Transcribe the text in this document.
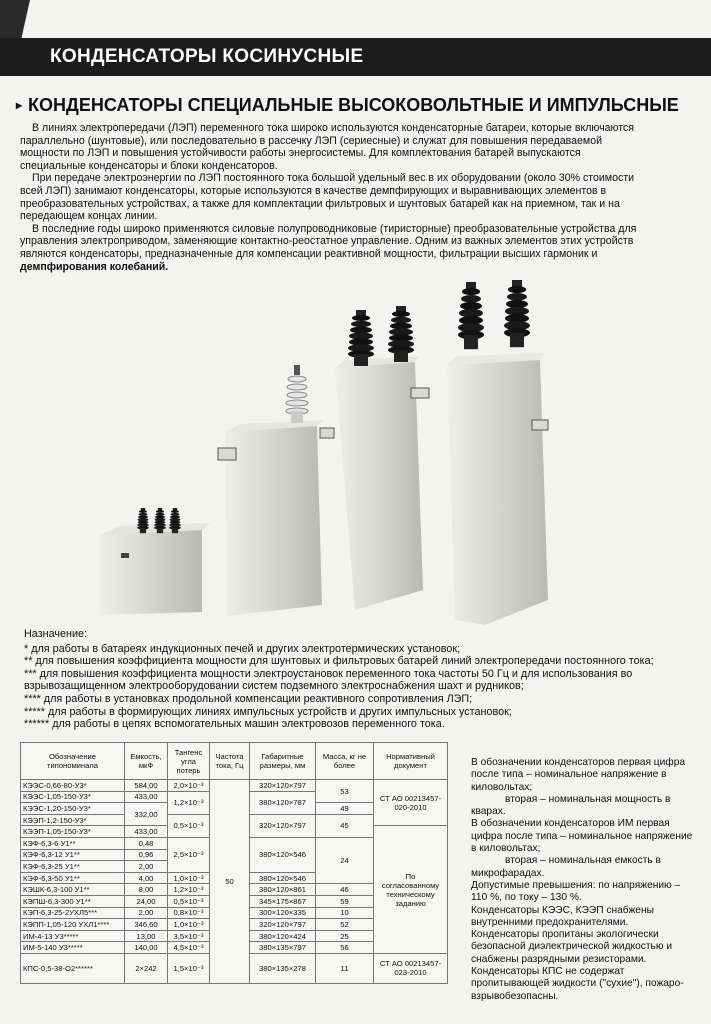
КОНДЕНСАТОРЫ КОСИНУСНЫЕ
▸ КОНДЕНСАТОРЫ СПЕЦИАЛЬНЫЕ ВЫСОКОВОЛЬТНЫЕ И ИМПУЛЬСНЫЕ

В линиях электропередачи (ЛЭП) переменного тока широко используются конденсаторные батареи, которые включаются
параллельно (шунтовые), или последовательно в рассечку ЛЭП (сериесные) и служат для повышения передаваемой
мощности по ЛЭП и повышения устойчивости работы энергосистемы. Для комплектования батарей выпускаются
специальные конденсаторы и блоки конденсаторов.

При передаче электроэнергии по ЛЭП постоянного тока большой удельный вес в их оборудовании (около 30% стоимости
всей ЛЭП) занимают конденсаторы, которые используются в качестве демпфирующих и выравнивающих элементов в
преобразовательных устройствах, а также для комплектации фильтровых и шунтовых батарей как на приемном, так и на
передающем концах линии.

В последние годы широко применяются силовые полупроводниковые (тиристорные) преобразовательные устройства для
управления электроприводом, заменяющие контактно-реостатное управление. Одним из важных элементов этих устройств
являются конденсаторы, предназначенные для компенсации реактивной мощности, фильтрации высших гармоник и
демпфирования колебаний.

Назначение:
* для работы в батареях индукционных печей и других электротермических установок;
** для повышения коэффициента мощности для шунтовых и фильтровых батарей линий электропередачи постоянного тока;
*** для повышения коэффициента мощности электроустановок переменного тока частоты 50 Гц и для использования во
взрывозащищенном электрооборудовании систем подземного электроснабжения шахт и рудников;
**** для работы в установках продольной компенсации реактивного сопротивления ЛЭП;
***** для работы в формирующих линиях импульсных устройств и других импульсных установок;
****** для работы в цепях вспомогательных машин электровозов переменного тока.
Обозначение типономинала	Емкость, мкФ	Тангенс угла потерь	Частота тока, Гц	Габаритные размеры, мм	Масса, кг не более	Нормативный документ
КЭЭС-0,66-80-У3*	584,00	2,0×10⁻³	50	320×120×797	53	СТ АО 00213457-020-2010
КЭЭС-1,05-150-У3*	433,00	1,2×10⁻³		380×120×787		
КЭЭС-1,20-150-У3*	332,00				49	
КЭЭП-1,2-150-У3*		0,5×10⁻³		320×120×797	45	
КЭЭП-1,05-150-У3*	433,00					По согласованному техническому заданию
КЭФ-6,3-6 У1**	0,48	2,5×10⁻³		380×120×546	24	
КЭФ-6,3-12 У1**	0,96					
КЭФ-6,3-25 У1**	2,00					
КЭФ-6,3-50 У1**	4,00	1,0×10⁻³		380×120×546		
КЭШК-6,3-100 У1**	8,00	1,2×10⁻³		380×120×861	46	
КЭПШ-6,3-300 У1**	24,00	0,5×10⁻³		345×175×867	59	
КЭП-6,3-25-2УХЛ5***	2,00	0,8×10⁻³		300×120×335	10	
КЭПП-1,05-120 УХЛ1****	346,60	1,0×10⁻³		320×120×797	52	
ИМ-4-13 У3*****	13,00	3,5×10⁻³		380×120×424	25	
ИМ-5-140 У3*****	140,00	4,5×10⁻³		380×135×797	56	
КПС-0,5-38-О2******	2×242	1,5×10⁻³		380×135×278	11	СТ АО 00213457-023-2010
В обозначении конденсаторов первая цифра
после типа – номинальное напряжение в
киловольтах;
вторая – номинальная мощность в
кварах.
В обозначении конденсаторов ИМ первая
цифра после типа – номинальное напряжение
в киловольтах;
вторая – номинальная емкость в
микрофарадах.
Допустимые превышения: по напряжению –
110 %, по току – 130 %.
Конденсаторы КЭЭС, КЭЭП снабжены
внутренними предохранителями.
Конденсаторы пропитаны экологически
безопасной диэлектрической жидкостью и
снабжены разрядными резисторами.
Конденсаторы КПС не содержат
пропитывающей жидкости ("сухие"), пожаро-
взрывобезопасны.
